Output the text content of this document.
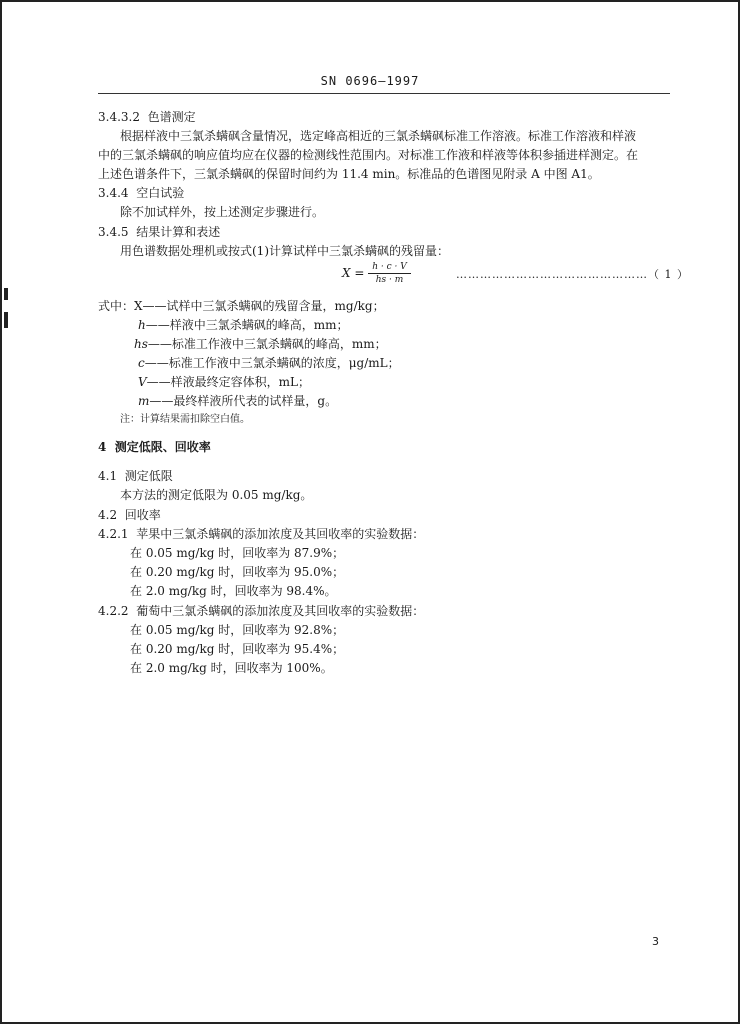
SN 0696—1997
3.4.3.2 色谱测定
根据样液中三氯杀螨砜含量情况，选定峰高相近的三氯杀螨砜标准工作溶液。标准工作溶液和样液
中的三氯杀螨砜的响应值均应在仪器的检测线性范围内。对标准工作液和样液等体积参插进样测定。在
上述色谱条件下，三氯杀螨砜的保留时间约为 11.4 min。标准品的色谱图见附录 A 中图 A1。
3.4.4 空白试验
除不加试样外，按上述测定步骤进行。
3.4.5 结果计算和表述
用色谱数据处理机或按式(1)计算试样中三氯杀螨砜的残留量：
$X = \frac{h \cdot c \cdot V}{hs \cdot m}$	…………………………………………（ 1 ）
式中：X——试样中三氯杀螨砜的残留含量，mg/kg；
h——样液中三氯杀螨砜的峰高，mm；
hs——标准工作液中三氯杀螨砜的峰高，mm；
c——标准工作液中三氯杀螨砜的浓度，μg/mL；
V——样液最终定容体积，mL；
m——最终样液所代表的试样量，g。
注：计算结果需扣除空白值。
4 测定低限、回收率
4.1 测定低限
本方法的测定低限为 0.05 mg/kg。
4.2 回收率
4.2.1 苹果中三氯杀螨砜的添加浓度及其回收率的实验数据：
在 0.05 mg/kg 时，回收率为 87.9%；
在 0.20 mg/kg 时，回收率为 95.0%；
在 2.0 mg/kg 时，回收率为 98.4%。
4.2.2 葡萄中三氯杀螨砜的添加浓度及其回收率的实验数据：
在 0.05 mg/kg 时，回收率为 92.8%；
在 0.20 mg/kg 时，回收率为 95.4%；
在 2.0 mg/kg 时，回收率为 100%。
3
